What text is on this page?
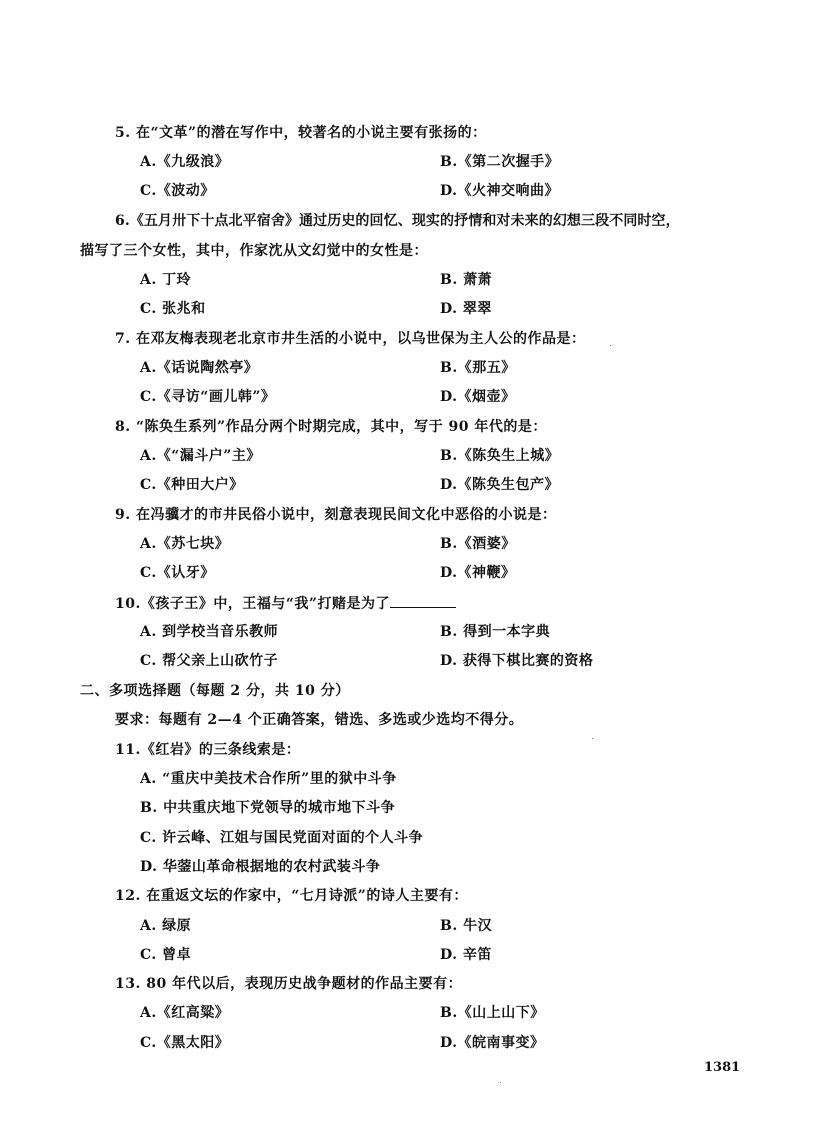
5. 在“文革”的潜在写作中，较著名的小说主要有张扬的：
A.《九级浪》	B.《第二次握手》
C.《波动》	D.《火神交响曲》
6.《五月卅下十点北平宿舍》通过历史的回忆、现实的抒情和对未来的幻想三段不同时空，
描写了三个女性，其中，作家沈从文幻觉中的女性是：
A. 丁玲	B. 萧萧
C. 张兆和	D. 翠翠
7. 在邓友梅表现老北京市井生活的小说中，以乌世保为主人公的作品是：
A.《话说陶然亭》	B.《那五》
C.《寻访“画儿韩”》	D.《烟壶》
8. “陈奂生系列”作品分两个时期完成，其中，写于 90 年代的是：
A.《“漏斗户”主》	B.《陈奂生上城》
C.《种田大户》	D.《陈奂生包产》
9. 在冯骥才的市井民俗小说中，刻意表现民间文化中恶俗的小说是：
A.《苏七块》	B.《酒婆》
C.《认牙》	D.《神鞭》
10.《孩子王》中，王福与“我”打赌是为了
A. 到学校当音乐教师	B. 得到一本字典
C. 帮父亲上山砍竹子	D. 获得下棋比赛的资格
二、多项选择题（每题 2 分，共 10 分）
要求：每题有 2—4 个正确答案，错选、多选或少选均不得分。
11.《红岩》的三条线索是：
A. “重庆中美技术合作所”里的狱中斗争
B. 中共重庆地下党领导的城市地下斗争
C. 许云峰、江姐与国民党面对面的个人斗争
D. 华蓥山革命根据地的农村武装斗争
12. 在重返文坛的作家中，“七月诗派”的诗人主要有：
A. 绿原	B. 牛汉
C. 曾卓	D. 辛笛
13. 80 年代以后，表现历史战争题材的作品主要有：
A.《红高粱》	B.《山上山下》
C.《黑太阳》	D.《皖南事变》
1381
